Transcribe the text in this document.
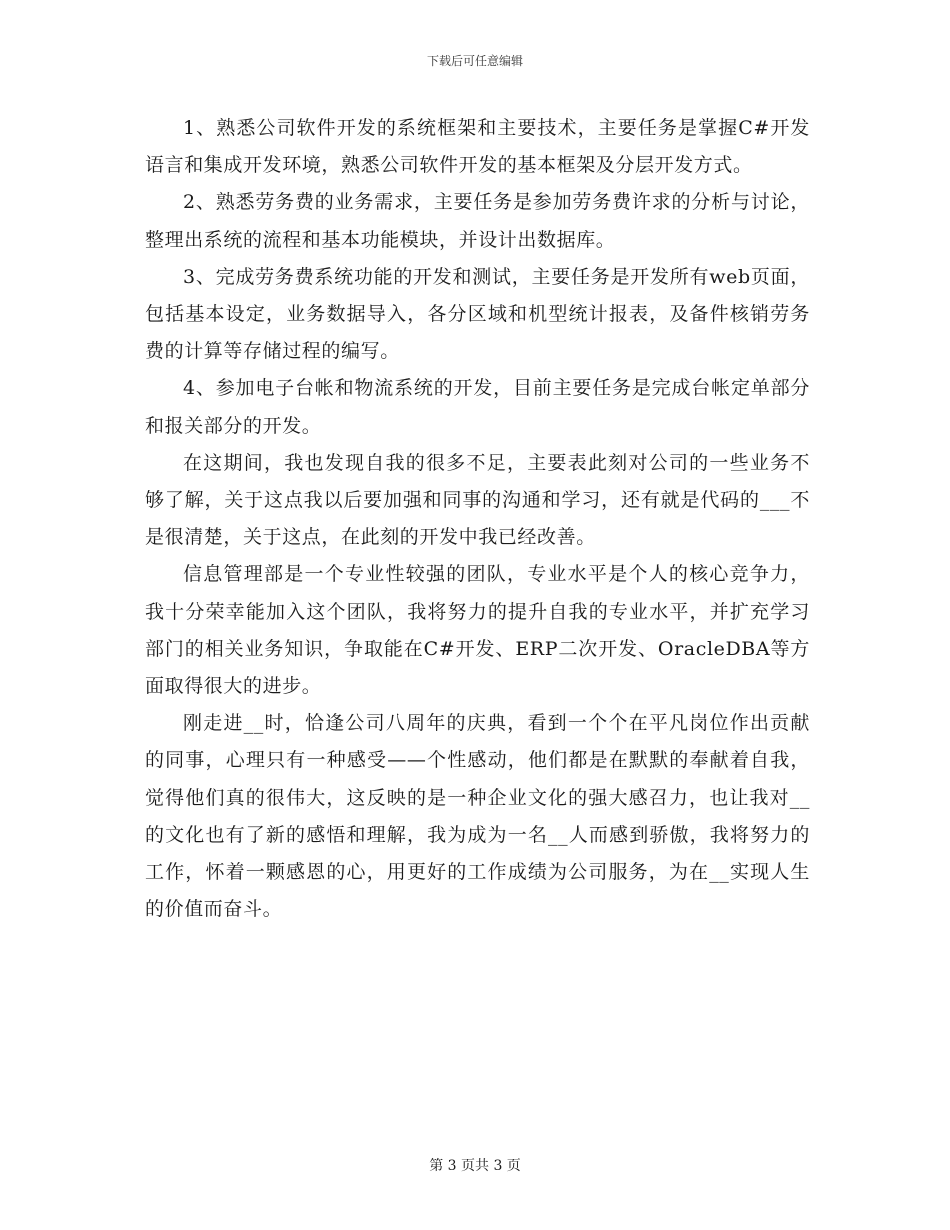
下载后可任意编辑

1、熟悉公司软件开发的系统框架和主要技术，主要任务是掌握C#开发语言和集成开发环境，熟悉公司软件开发的基本框架及分层开发方式。

2、熟悉劳务费的业务需求，主要任务是参加劳务费许求的分析与讨论，整理出系统的流程和基本功能模块，并设计出数据库。

3、完成劳务费系统功能的开发和测试，主要任务是开发所有web页面，包括基本设定，业务数据导入，各分区域和机型统计报表，及备件核销劳务费的计算等存储过程的编写。

4、参加电子台帐和物流系统的开发，目前主要任务是完成台帐定单部分和报关部分的开发。

在这期间，我也发现自我的很多不足，主要表此刻对公司的一些业务不够了解，关于这点我以后要加强和同事的沟通和学习，还有就是代码的___不是很清楚，关于这点，在此刻的开发中我已经改善。

信息管理部是一个专业性较强的团队，专业水平是个人的核心竞争力，我十分荣幸能加入这个团队，我将努力的提升自我的专业水平，并扩充学习部门的相关业务知识，争取能在C#开发、ERP二次开发、OracleDBA等方面取得很大的进步。

刚走进__时，恰逢公司八周年的庆典，看到一个个在平凡岗位作出贡献的同事，心理只有一种感受——个性感动，他们都是在默默的奉献着自我，觉得他们真的很伟大，这反映的是一种企业文化的强大感召力，也让我对__的文化也有了新的感悟和理解，我为成为一名__人而感到骄傲，我将努力的工作，怀着一颗感恩的心，用更好的工作成绩为公司服务，为在__实现人生的价值而奋斗。

第 3 页共 3 页
